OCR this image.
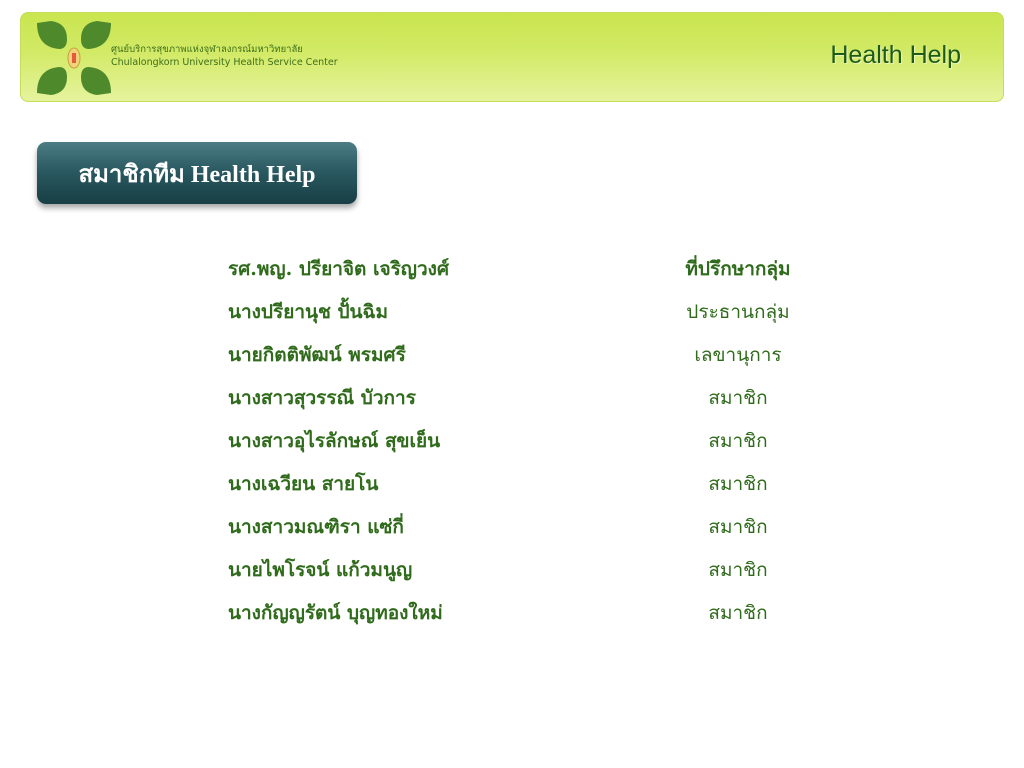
ศูนย์บริการสุขภาพแห่งจุฬาลงกรณ์มหาวิทยาลัย
Chulalongkorn University Health Service Center	Health Help
สมาชิกทีม Health Help
รศ.พญ. ปรียาจิต เจริญวงศ์	ที่ปรึกษากลุ่ม
นางปรียานุช ปั้นฉิม	ประธานกลุ่ม
นายกิตติพัฒน์ พรมศรี	เลขานุการ
นางสาวสุวรรณี บัวการ	สมาชิก
นางสาวอุไรลักษณ์ สุขเย็น	สมาชิก
นางเฉวียน สายโน	สมาชิก
นางสาวมณฑิรา แซ่กี่	สมาชิก
นายไพโรจน์ แก้วมนูญ	สมาชิก
นางกัญญรัตน์ บุญทองใหม่	สมาชิก
